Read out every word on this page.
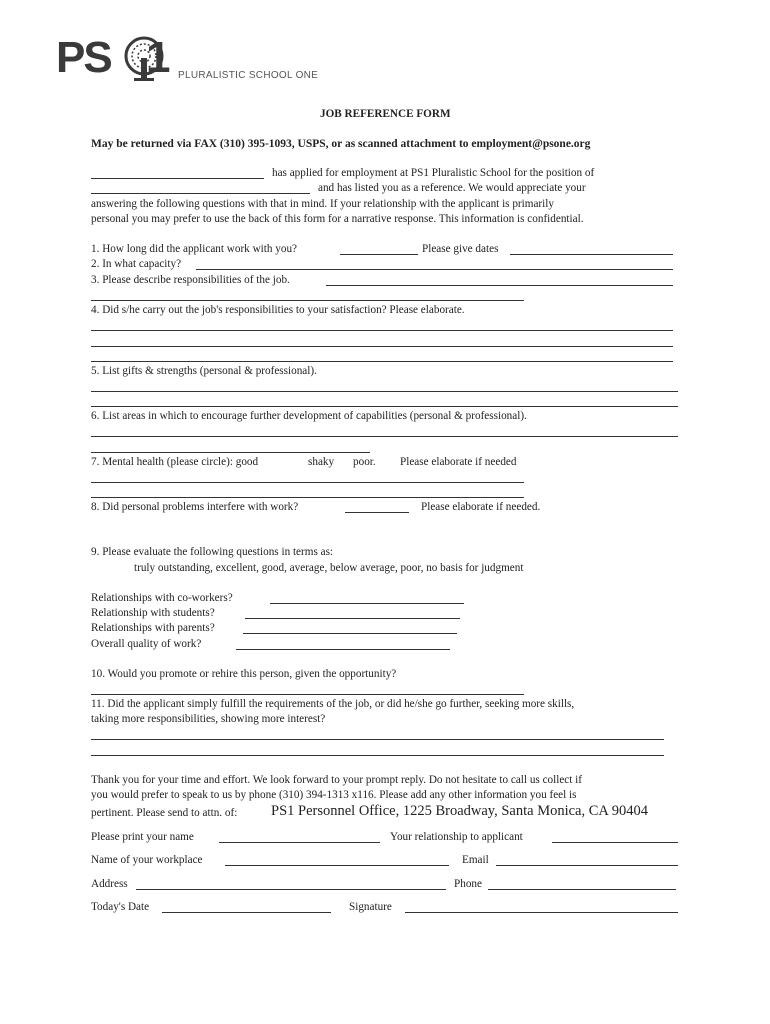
PS 1 PLURALISTIC SCHOOL ONE
JOB REFERENCE FORM
May be returned via FAX (310) 395-1093, USPS, or as scanned attachment to employment@psone.org
has applied for employment at PS1 Pluralistic School for the position of
and has listed you as a reference. We would appreciate your
answering the following questions with that in mind. If your relationship with the applicant is primarily
personal you may prefer to use the back of this form for a narrative response. This information is confidential.
1. How long did the applicant work with you?	Please give dates
2. In what capacity?
3. Please describe responsibilities of the job.
4. Did s/he carry out the job's responsibilities to your satisfaction? Please elaborate.
5. List gifts & strengths (personal & professional).
6. List areas in which to encourage further development of capabilities (personal & professional).
7. Mental health (please circle): good	shaky poor. Please elaborate if needed
8. Did personal problems interfere with work?	Please elaborate if needed.
9. Please evaluate the following questions in terms as:
truly outstanding, excellent, good, average, below average, poor, no basis for judgment
Relationships with co-workers?
Relationship with students?
Relationships with parents?
Overall quality of work?
10. Would you promote or rehire this person, given the opportunity?
11. Did the applicant simply fulfill the requirements of the job, or did he/she go further, seeking more skills,
taking more responsibilities, showing more interest?
Thank you for your time and effort. We look forward to your prompt reply. Do not hesitate to call us collect if
you would prefer to speak to us by phone (310) 394-1313 x116. Please add any other information you feel is
pertinent. Please send to attn. of: PS1 Personnel Office, 1225 Broadway, Santa Monica, CA 90404
Please print your name	Your relationship to applicant
Name of your workplace	Email
Address	Phone
Today's Date	Signature
